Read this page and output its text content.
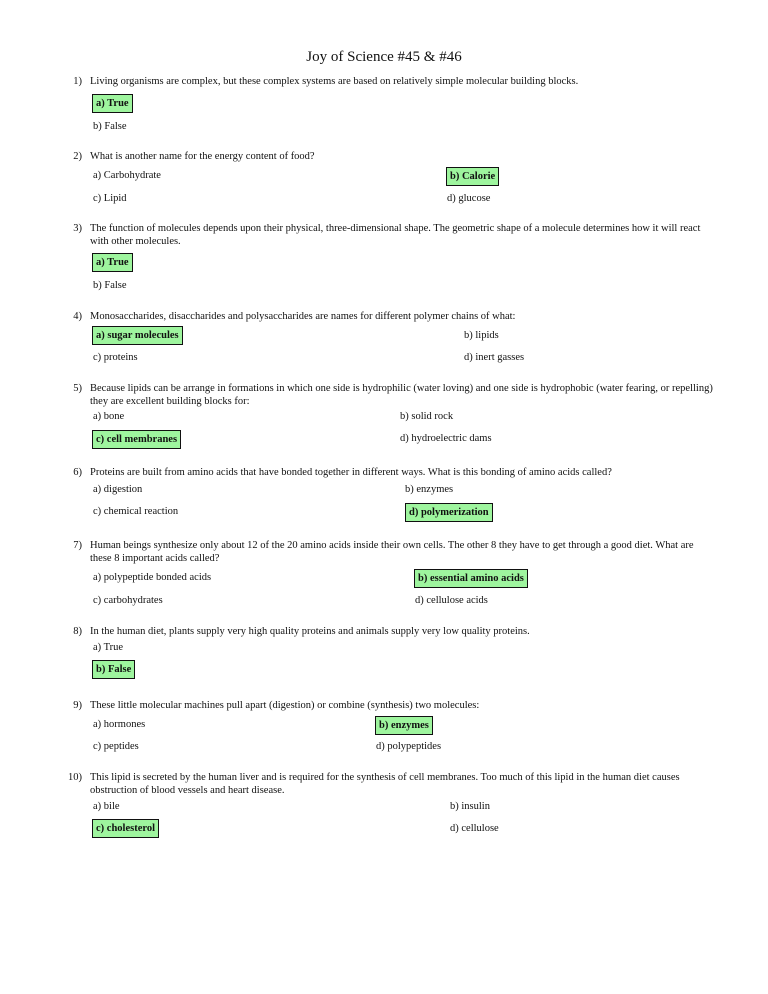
Joy of Science #45 & #46
1) Living organisms are complex, but these complex systems are based on relatively simple molecular building blocks.
a) True
b) False
2) What is another name for the energy content of food?
a) Carbohydrate	b) Calorie
c) Lipid	d) glucose
3) The function of molecules depends upon their physical, three-dimensional shape. The geometric shape of a molecule determines how it will react with other molecules.
a) True
b) False
4) Monosaccharides, disaccharides and polysaccharides are names for different polymer chains of what:
a) sugar molecules	b) lipids
c) proteins	d) inert gasses
5) Because lipids can be arrange in formations in which one side is hydrophilic (water loving) and one side is hydrophobic (water fearing, or repelling) they are excellent building blocks for:
a) bone	b) solid rock
c) cell membranes	d) hydroelectric dams
6) Proteins are built from amino acids that have bonded together in different ways. What is this bonding of amino acids called?
a) digestion	b) enzymes
c) chemical reaction	d) polymerization
7) Human beings synthesize only about 12 of the 20 amino acids inside their own cells. The other 8 they have to get through a good diet. What are these 8 important acids called?
a) polypeptide bonded acids	b) essential amino acids
c) carbohydrates	d) cellulose acids
8) In the human diet, plants supply very high quality proteins and animals supply very low quality proteins.
a) True
b) False
9) These little molecular machines pull apart (digestion) or combine (synthesis) two molecules:
a) hormones	b) enzymes
c) peptides	d) polypeptides
10) This lipid is secreted by the human liver and is required for the synthesis of cell membranes. Too much of this lipid in the human diet causes obstruction of blood vessels and heart disease.
a) bile	b) insulin
c) cholesterol	d) cellulose
